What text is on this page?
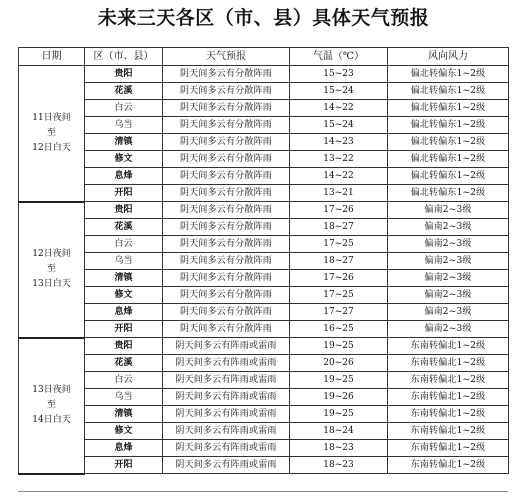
未来三天各区（市、县）具体天气预报
日期	区（市、县）	天气预报	气温（℃）	风向风力

11日夜间
至
12日白天	贵阳	阴天间多云有分散阵雨	15~23	偏北转偏东1~2级
	花溪	阴天间多云有分散阵雨	15~24	偏北转偏东1~2级
	白云	阴天间多云有分散阵雨	14~22	偏北转偏东1~2级
	乌当	阴天间多云有分散阵雨	15~24	偏北转偏东1~2级
	清镇	阴天间多云有分散阵雨	14~23	偏北转偏东1~2级
	修文	阴天间多云有分散阵雨	13~22	偏北转偏东1~2级
	息烽	阴天间多云有分散阵雨	14~22	偏北转偏东1~2级
	开阳	阴天间多云有分散阵雨	13~21	偏北转偏东1~2级

12日夜间
至
13日白天	贵阳	阴天间多云有分散阵雨	17~26	偏南2~3级
	花溪	阴天间多云有分散阵雨	18~27	偏南2~3级
	白云	阴天间多云有分散阵雨	17~25	偏南2~3级
	乌当	阴天间多云有分散阵雨	18~27	偏南2~3级
	清镇	阴天间多云有分散阵雨	17~26	偏南2~3级
	修文	阴天间多云有分散阵雨	17~25	偏南2~3级
	息烽	阴天间多云有分散阵雨	17~27	偏南2~3级
	开阳	阴天间多云有分散阵雨	16~25	偏南2~3级

13日夜间
至
14日白天	贵阳	阴天间多云有阵雨或雷雨	19~25	东南转偏北1~2级
	花溪	阴天间多云有阵雨或雷雨	20~26	东南转偏北1~2级
	白云	阴天间多云有阵雨或雷雨	19~25	东南转偏北1~2级
	乌当	阴天间多云有阵雨或雷雨	19~26	东南转偏北1~2级
	清镇	阴天间多云有阵雨或雷雨	19~25	东南转偏北1~2级
	修文	阴天间多云有阵雨或雷雨	18~24	东南转偏北1~2级
	息烽	阴天间多云有阵雨或雷雨	18~23	东南转偏北1~2级
	开阳	阴天间多云有阵雨或雷雨	18~23	东南转偏北1~2级
